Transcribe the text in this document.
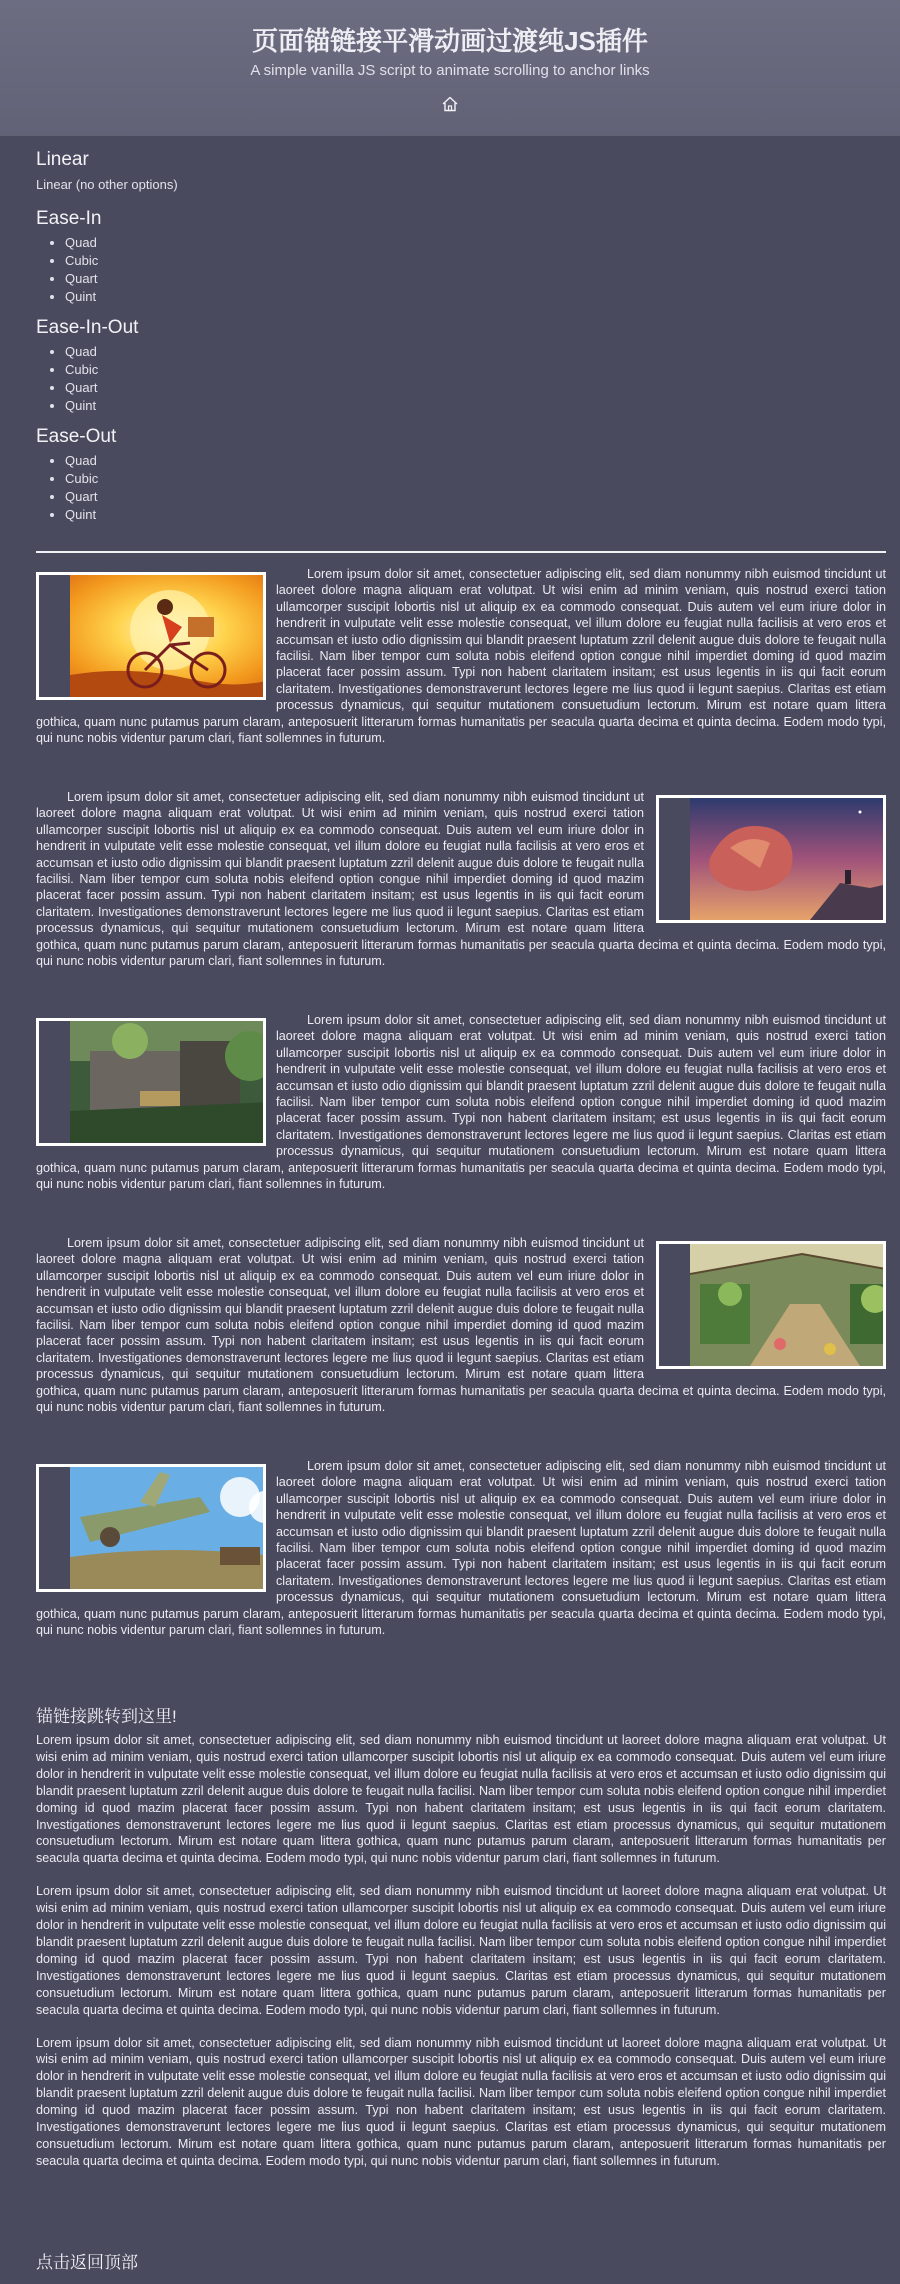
页面锚链接平滑动画过渡纯JS插件
A simple vanilla JS script to animate scrolling to anchor links
Linear
Linear (no other options)
Ease-In
• Quad
• Cubic
• Quart
• Quint
Ease-In-Out
• Quad
• Cubic
• Quart
• Quint
Ease-Out
• Quad
• Cubic
• Quart
• Quint

Lorem ipsum dolor sit amet, consectetuer adipiscing elit, sed diam nonummy nibh euismod tincidunt ut laoreet dolore magna aliquam erat volutpat. Ut wisi enim ad minim veniam, quis nostrud exerci tation ullamcorper suscipit lobortis nisl ut aliquip ex ea commodo consequat. Duis autem vel eum iriure dolor in hendrerit in vulputate velit esse molestie consequat, vel illum dolore eu feugiat nulla facilisis at vero eros et accumsan et iusto odio dignissim qui blandit praesent luptatum zzril delenit augue duis dolore te feugait nulla facilisi. Nam liber tempor cum soluta nobis eleifend option congue nihil imperdiet doming id quod mazim placerat facer possim assum. Typi non habent claritatem insitam; est usus legentis in iis qui facit eorum claritatem. Investigationes demonstraverunt lectores legere me lius quod ii legunt saepius. Claritas est etiam processus dynamicus, qui sequitur mutationem consuetudium lectorum. Mirum est notare quam littera gothica, quam nunc putamus parum claram, anteposuerit litterarum formas humanitatis per seacula quarta decima et quinta decima. Eodem modo typi, qui nunc nobis videntur parum clari, fiant sollemnes in futurum.

Lorem ipsum dolor sit amet, consectetuer adipiscing elit, sed diam nonummy nibh euismod tincidunt ut laoreet dolore magna aliquam erat volutpat. Ut wisi enim ad minim veniam, quis nostrud exerci tation ullamcorper suscipit lobortis nisl ut aliquip ex ea commodo consequat. Duis autem vel eum iriure dolor in hendrerit in vulputate velit esse molestie consequat, vel illum dolore eu feugiat nulla facilisis at vero eros et accumsan et iusto odio dignissim qui blandit praesent luptatum zzril delenit augue duis dolore te feugait nulla facilisi. Nam liber tempor cum soluta nobis eleifend option congue nihil imperdiet doming id quod mazim placerat facer possim assum. Typi non habent claritatem insitam; est usus legentis in iis qui facit eorum claritatem. Investigationes demonstraverunt lectores legere me lius quod ii legunt saepius. Claritas est etiam processus dynamicus, qui sequitur mutationem consuetudium lectorum. Mirum est notare quam littera gothica, quam nunc putamus parum claram, anteposuerit litterarum formas humanitatis per seacula quarta decima et quinta decima. Eodem modo typi, qui nunc nobis videntur parum clari, fiant sollemnes in futurum.

Lorem ipsum dolor sit amet, consectetuer adipiscing elit, sed diam nonummy nibh euismod tincidunt ut laoreet dolore magna aliquam erat volutpat. Ut wisi enim ad minim veniam, quis nostrud exerci tation ullamcorper suscipit lobortis nisl ut aliquip ex ea commodo consequat. Duis autem vel eum iriure dolor in hendrerit in vulputate velit esse molestie consequat, vel illum dolore eu feugiat nulla facilisis at vero eros et accumsan et iusto odio dignissim qui blandit praesent luptatum zzril delenit augue duis dolore te feugait nulla facilisi. Nam liber tempor cum soluta nobis eleifend option congue nihil imperdiet doming id quod mazim placerat facer possim assum. Typi non habent claritatem insitam; est usus legentis in iis qui facit eorum claritatem. Investigationes demonstraverunt lectores legere me lius quod ii legunt saepius. Claritas est etiam processus dynamicus, qui sequitur mutationem consuetudium lectorum. Mirum est notare quam littera gothica, quam nunc putamus parum claram, anteposuerit litterarum formas humanitatis per seacula quarta decima et quinta decima. Eodem modo typi, qui nunc nobis videntur parum clari, fiant sollemnes in futurum.

Lorem ipsum dolor sit amet, consectetuer adipiscing elit, sed diam nonummy nibh euismod tincidunt ut laoreet dolore magna aliquam erat volutpat. Ut wisi enim ad minim veniam, quis nostrud exerci tation ullamcorper suscipit lobortis nisl ut aliquip ex ea commodo consequat. Duis autem vel eum iriure dolor in hendrerit in vulputate velit esse molestie consequat, vel illum dolore eu feugiat nulla facilisis at vero eros et accumsan et iusto odio dignissim qui blandit praesent luptatum zzril delenit augue duis dolore te feugait nulla facilisi. Nam liber tempor cum soluta nobis eleifend option congue nihil imperdiet doming id quod mazim placerat facer possim assum. Typi non habent claritatem insitam; est usus legentis in iis qui facit eorum claritatem. Investigationes demonstraverunt lectores legere me lius quod ii legunt saepius. Claritas est etiam processus dynamicus, qui sequitur mutationem consuetudium lectorum. Mirum est notare quam littera gothica, quam nunc putamus parum claram, anteposuerit litterarum formas humanitatis per seacula quarta decima et quinta decima. Eodem modo typi, qui nunc nobis videntur parum clari, fiant sollemnes in futurum.

Lorem ipsum dolor sit amet, consectetuer adipiscing elit, sed diam nonummy nibh euismod tincidunt ut laoreet dolore magna aliquam erat volutpat. Ut wisi enim ad minim veniam, quis nostrud exerci tation ullamcorper suscipit lobortis nisl ut aliquip ex ea commodo consequat. Duis autem vel eum iriure dolor in hendrerit in vulputate velit esse molestie consequat, vel illum dolore eu feugiat nulla facilisis at vero eros et accumsan et iusto odio dignissim qui blandit praesent luptatum zzril delenit augue duis dolore te feugait nulla facilisi. Nam liber tempor cum soluta nobis eleifend option congue nihil imperdiet doming id quod mazim placerat facer possim assum. Typi non habent claritatem insitam; est usus legentis in iis qui facit eorum claritatem. Investigationes demonstraverunt lectores legere me lius quod ii legunt saepius. Claritas est etiam processus dynamicus, qui sequitur mutationem consuetudium lectorum. Mirum est notare quam littera gothica, quam nunc putamus parum claram, anteposuerit litterarum formas humanitatis per seacula quarta decima et quinta decima. Eodem modo typi, qui nunc nobis videntur parum clari, fiant sollemnes in futurum.

锚链接跳转到这里!

Lorem ipsum dolor sit amet, consectetuer adipiscing elit, sed diam nonummy nibh euismod tincidunt ut laoreet dolore magna aliquam erat volutpat. Ut wisi enim ad minim veniam, quis nostrud exerci tation ullamcorper suscipit lobortis nisl ut aliquip ex ea commodo consequat. Duis autem vel eum iriure dolor in hendrerit in vulputate velit esse molestie consequat, vel illum dolore eu feugiat nulla facilisis at vero eros et accumsan et iusto odio dignissim qui blandit praesent luptatum zzril delenit augue duis dolore te feugait nulla facilisi. Nam liber tempor cum soluta nobis eleifend option congue nihil imperdiet doming id quod mazim placerat facer possim assum. Typi non habent claritatem insitam; est usus legentis in iis qui facit eorum claritatem. Investigationes demonstraverunt lectores legere me lius quod ii legunt saepius. Claritas est etiam processus dynamicus, qui sequitur mutationem consuetudium lectorum. Mirum est notare quam littera gothica, quam nunc putamus parum claram, anteposuerit litterarum formas humanitatis per seacula quarta decima et quinta decima. Eodem modo typi, qui nunc nobis videntur parum clari, fiant sollemnes in futurum.

Lorem ipsum dolor sit amet, consectetuer adipiscing elit, sed diam nonummy nibh euismod tincidunt ut laoreet dolore magna aliquam erat volutpat. Ut wisi enim ad minim veniam, quis nostrud exerci tation ullamcorper suscipit lobortis nisl ut aliquip ex ea commodo consequat. Duis autem vel eum iriure dolor in hendrerit in vulputate velit esse molestie consequat, vel illum dolore eu feugiat nulla facilisis at vero eros et accumsan et iusto odio dignissim qui blandit praesent luptatum zzril delenit augue duis dolore te feugait nulla facilisi. Nam liber tempor cum soluta nobis eleifend option congue nihil imperdiet doming id quod mazim placerat facer possim assum. Typi non habent claritatem insitam; est usus legentis in iis qui facit eorum claritatem. Investigationes demonstraverunt lectores legere me lius quod ii legunt saepius. Claritas est etiam processus dynamicus, qui sequitur mutationem consuetudium lectorum. Mirum est notare quam littera gothica, quam nunc putamus parum claram, anteposuerit litterarum formas humanitatis per seacula quarta decima et quinta decima. Eodem modo typi, qui nunc nobis videntur parum clari, fiant sollemnes in futurum.

Lorem ipsum dolor sit amet, consectetuer adipiscing elit, sed diam nonummy nibh euismod tincidunt ut laoreet dolore magna aliquam erat volutpat. Ut wisi enim ad minim veniam, quis nostrud exerci tation ullamcorper suscipit lobortis nisl ut aliquip ex ea commodo consequat. Duis autem vel eum iriure dolor in hendrerit in vulputate velit esse molestie consequat, vel illum dolore eu feugiat nulla facilisis at vero eros et accumsan et iusto odio dignissim qui blandit praesent luptatum zzril delenit augue duis dolore te feugait nulla facilisi. Nam liber tempor cum soluta nobis eleifend option congue nihil imperdiet doming id quod mazim placerat facer possim assum. Typi non habent claritatem insitam; est usus legentis in iis qui facit eorum claritatem. Investigationes demonstraverunt lectores legere me lius quod ii legunt saepius. Claritas est etiam processus dynamicus, qui sequitur mutationem consuetudium lectorum. Mirum est notare quam littera gothica, quam nunc putamus parum claram, anteposuerit litterarum formas humanitatis per seacula quarta decima et quinta decima. Eodem modo typi, qui nunc nobis videntur parum clari, fiant sollemnes in futurum.

点击返回顶部
